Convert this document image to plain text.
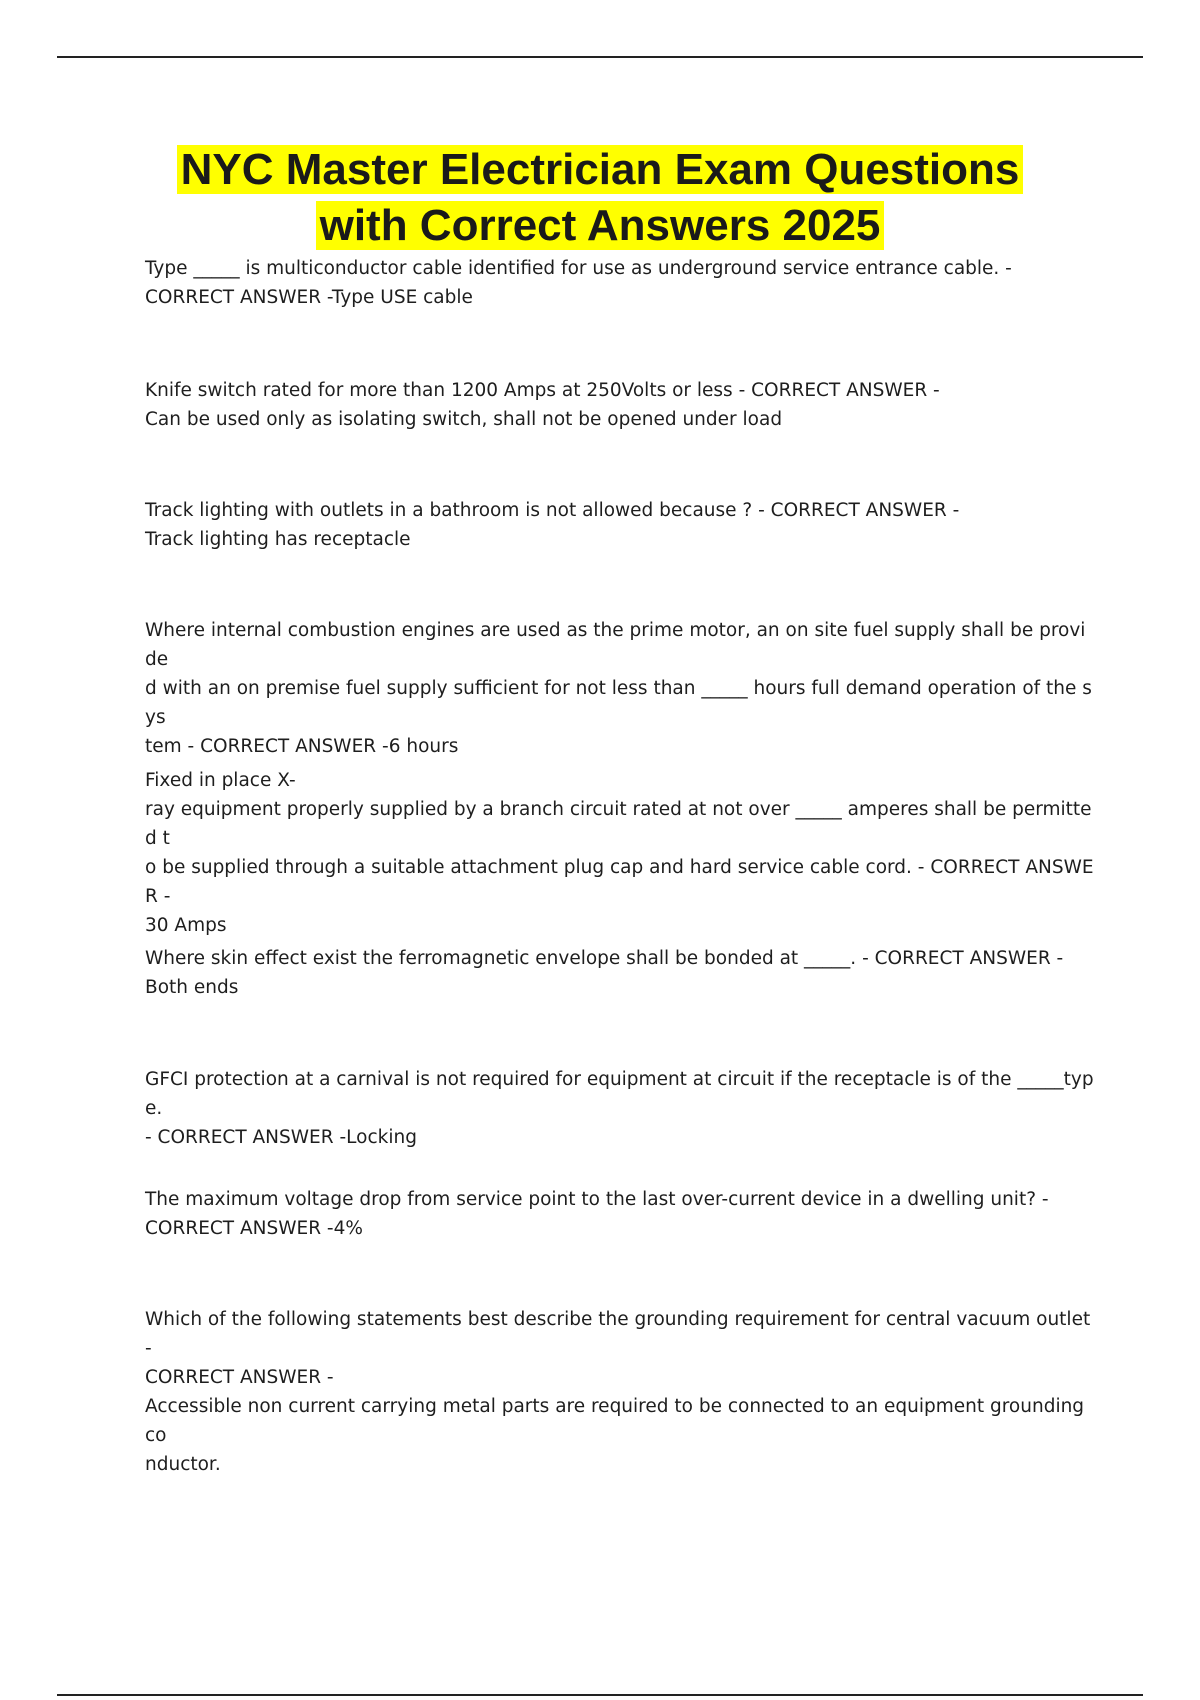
NYC Master Electrician Exam Questions
with Correct Answers 2025

Type _____ is multiconductor cable identified for use as underground service entrance cable. -
CORRECT ANSWER -Type USE cable

Knife switch rated for more than 1200 Amps at 250Volts or less - CORRECT ANSWER -
Can be used only as isolating switch, shall not be opened under load

Track lighting with outlets in a bathroom is not allowed because ? - CORRECT ANSWER -
Track lighting has receptacle

Where internal combustion engines are used as the prime motor, an on site fuel supply shall be provide
d with an on premise fuel supply sufficient for not less than _____ hours full demand operation of the sys
tem - CORRECT ANSWER -6 hours

Fixed in place X-
ray equipment properly supplied by a branch circuit rated at not over _____ amperes shall be permitted t
o be supplied through a suitable attachment plug cap and hard service cable cord. - CORRECT ANSWER -
30 Amps

Where skin effect exist the ferromagnetic envelope shall be bonded at _____. - CORRECT ANSWER -
Both ends

GFCI protection at a carnival is not required for equipment at circuit if the receptacle is of the _____type.
- CORRECT ANSWER -Locking

The maximum voltage drop from service point to the last over-current device in a dwelling unit? -
CORRECT ANSWER -4%

Which of the following statements best describe the grounding requirement for central vacuum outlet -
CORRECT ANSWER -
Accessible non current carrying metal parts are required to be connected to an equipment grounding co
nductor.
